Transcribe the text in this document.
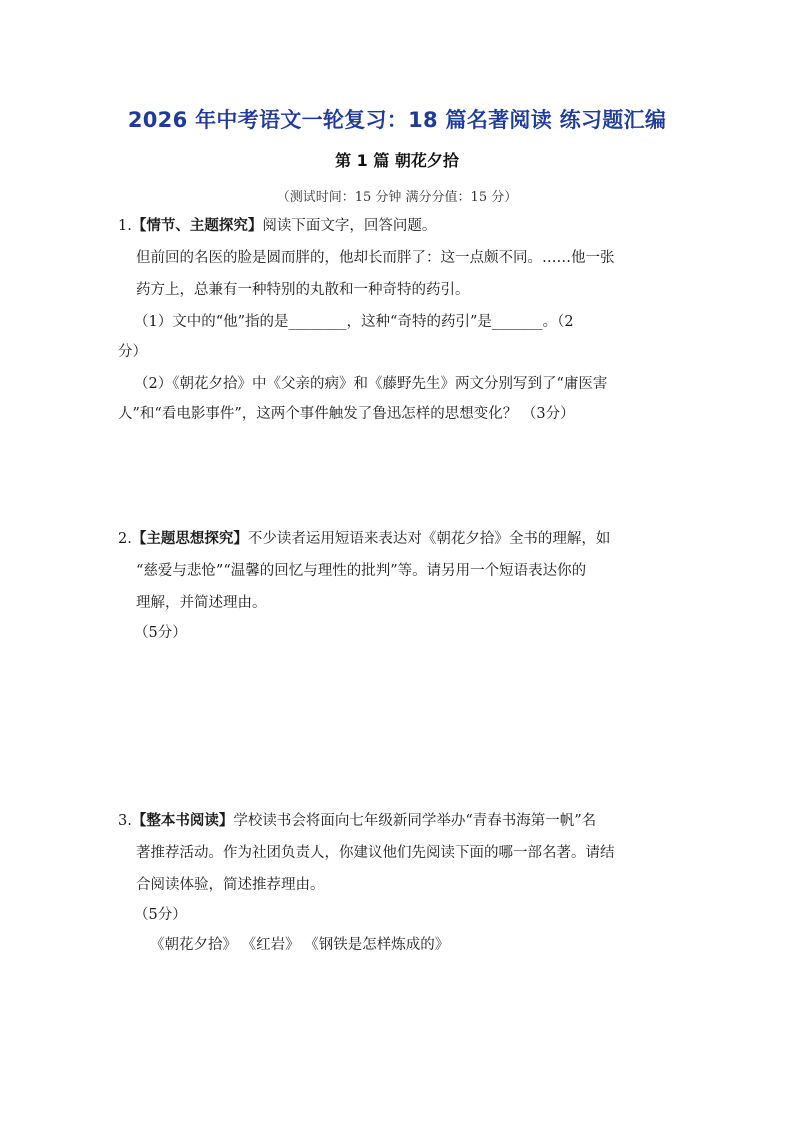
2026 年中考语文一轮复习：18 篇名著阅读 练习题汇编
第 1 篇 朝花夕拾
（测试时间：15 分钟 满分分值：15 分）
1.【情节、主题探究】阅读下面文字，回答问题。
但前回的名医的脸是圆而胖的，他却长而胖了：这一点颇不同。……他一张
药方上，总兼有一种特别的丸散和一种奇特的药引。
（1）文中的“他”指的是________，这种“奇特的药引”是_______。（2
分）
（2）《朝花夕拾》中《父亲的病》和《藤野先生》两文分别写到了“庸医害
人”和“看电影事件”，这两个事件触发了鲁迅怎样的思想变化？ （3分）
2.【主题思想探究】不少读者运用短语来表达对《朝花夕拾》全书的理解，如
“慈爱与悲怆”“温馨的回忆与理性的批判”等。请另用一个短语表达你的
理解，并简述理由。
（5分）
3.【整本书阅读】学校读书会将面向七年级新同学举办“青春书海第一帆”名
著推荐活动。作为社团负责人，你建议他们先阅读下面的哪一部名著。请结
合阅读体验，简述推荐理由。
（5分）
《朝花夕拾》 《红岩》 《钢铁是怎样炼成的》
